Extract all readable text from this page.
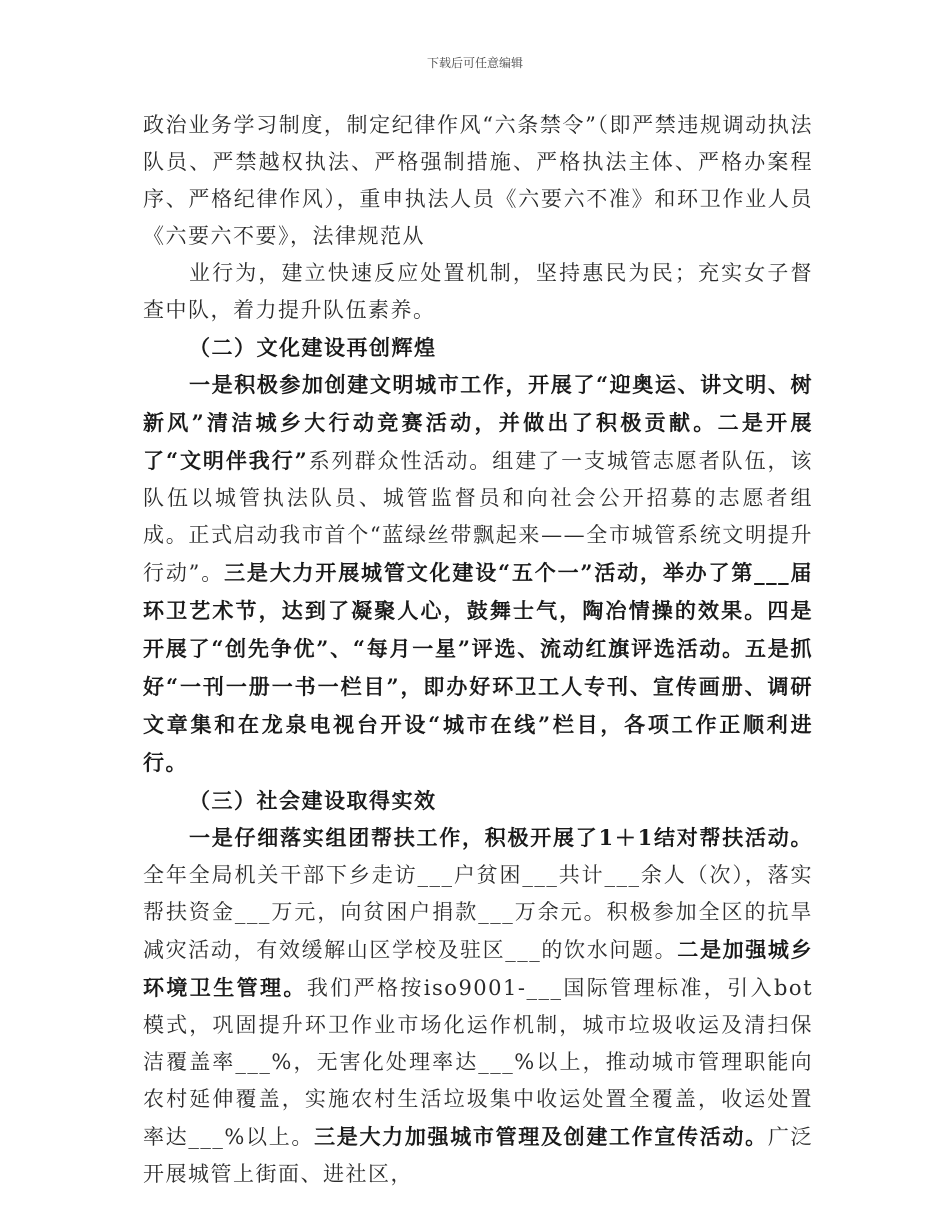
下载后可任意编辑

政治业务学习制度，制定纪律作风“六条禁令”（即严禁违规调动执法队员、严禁越权执法、严格强制措施、严格执法主体、严格办案程序、严格纪律作风），重申执法人员《六要六不准》和环卫作业人员《六要六不要》，法律规范从

业行为，建立快速反应处置机制，坚持惠民为民；充实女子督查中队，着力提升队伍素养。

（二）文化建设再创辉煌

一是积极参加创建文明城市工作，开展了“迎奥运、讲文明、树新风”清洁城乡大行动竞赛活动，并做出了积极贡献。二是开展了“文明伴我行”系列群众性活动。组建了一支城管志愿者队伍，该队伍以城管执法队员、城管监督员和向社会公开招募的志愿者组成。正式启动我市首个“蓝绿丝带飘起来——全市城管系统文明提升行动”。三是大力开展城管文化建设“五个一”活动，举办了第___届环卫艺术节，达到了凝聚人心，鼓舞士气，陶冶情操的效果。四是开展了“创先争优”、“每月一星”评选、流动红旗评选活动。五是抓好“一刊一册一书一栏目”，即办好环卫工人专刊、宣传画册、调研文章集和在龙泉电视台开设“城市在线”栏目，各项工作正顺利进行。

（三）社会建设取得实效

一是仔细落实组团帮扶工作，积极开展了1＋1结对帮扶活动。全年全局机关干部下乡走访___户贫困___共计___余人（次），落实帮扶资金___万元，向贫困户捐款___万余元。积极参加全区的抗旱减灾活动，有效缓解山区学校及驻区___的饮水问题。二是加强城乡环境卫生管理。我们严格按iso9001-___国际管理标准，引入bot模式，巩固提升环卫作业市场化运作机制，城市垃圾收运及清扫保洁覆盖率___%，无害化处理率达___%以上，推动城市管理职能向农村延伸覆盖，实施农村生活垃圾集中收运处置全覆盖，收运处置率达___%以上。三是大力加强城市管理及创建工作宣传活动。广泛开展城管上街面、进社区，
